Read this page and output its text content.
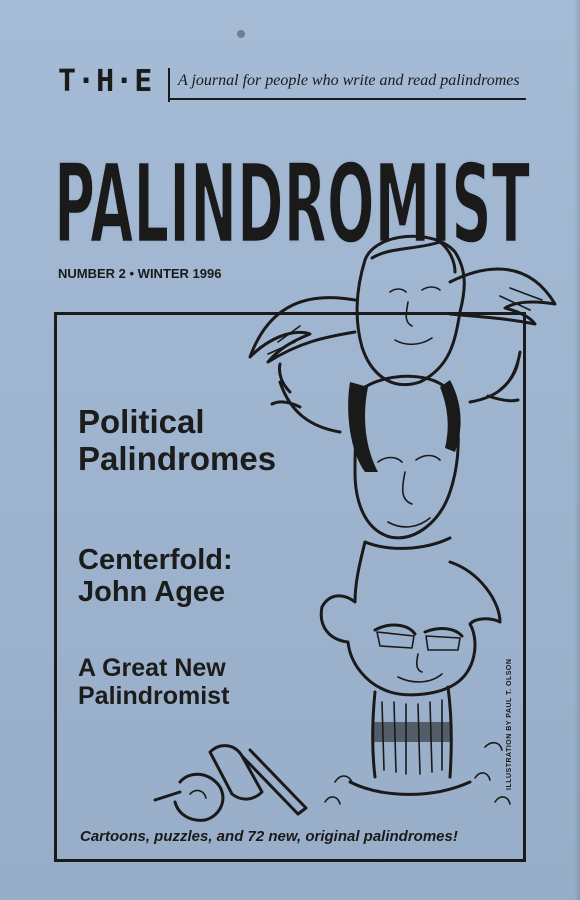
T·H·E A journal for people who write and read palindromes
PALINDROMIST
NUMBER 2 • WINTER 1996
Political
Palindromes
Centerfold:
John Agee
A Great New
Palindromist	ILLUSTRATION BY PAUL T. OLSON
Cartoons, puzzles, and 72 new, original palindromes!
